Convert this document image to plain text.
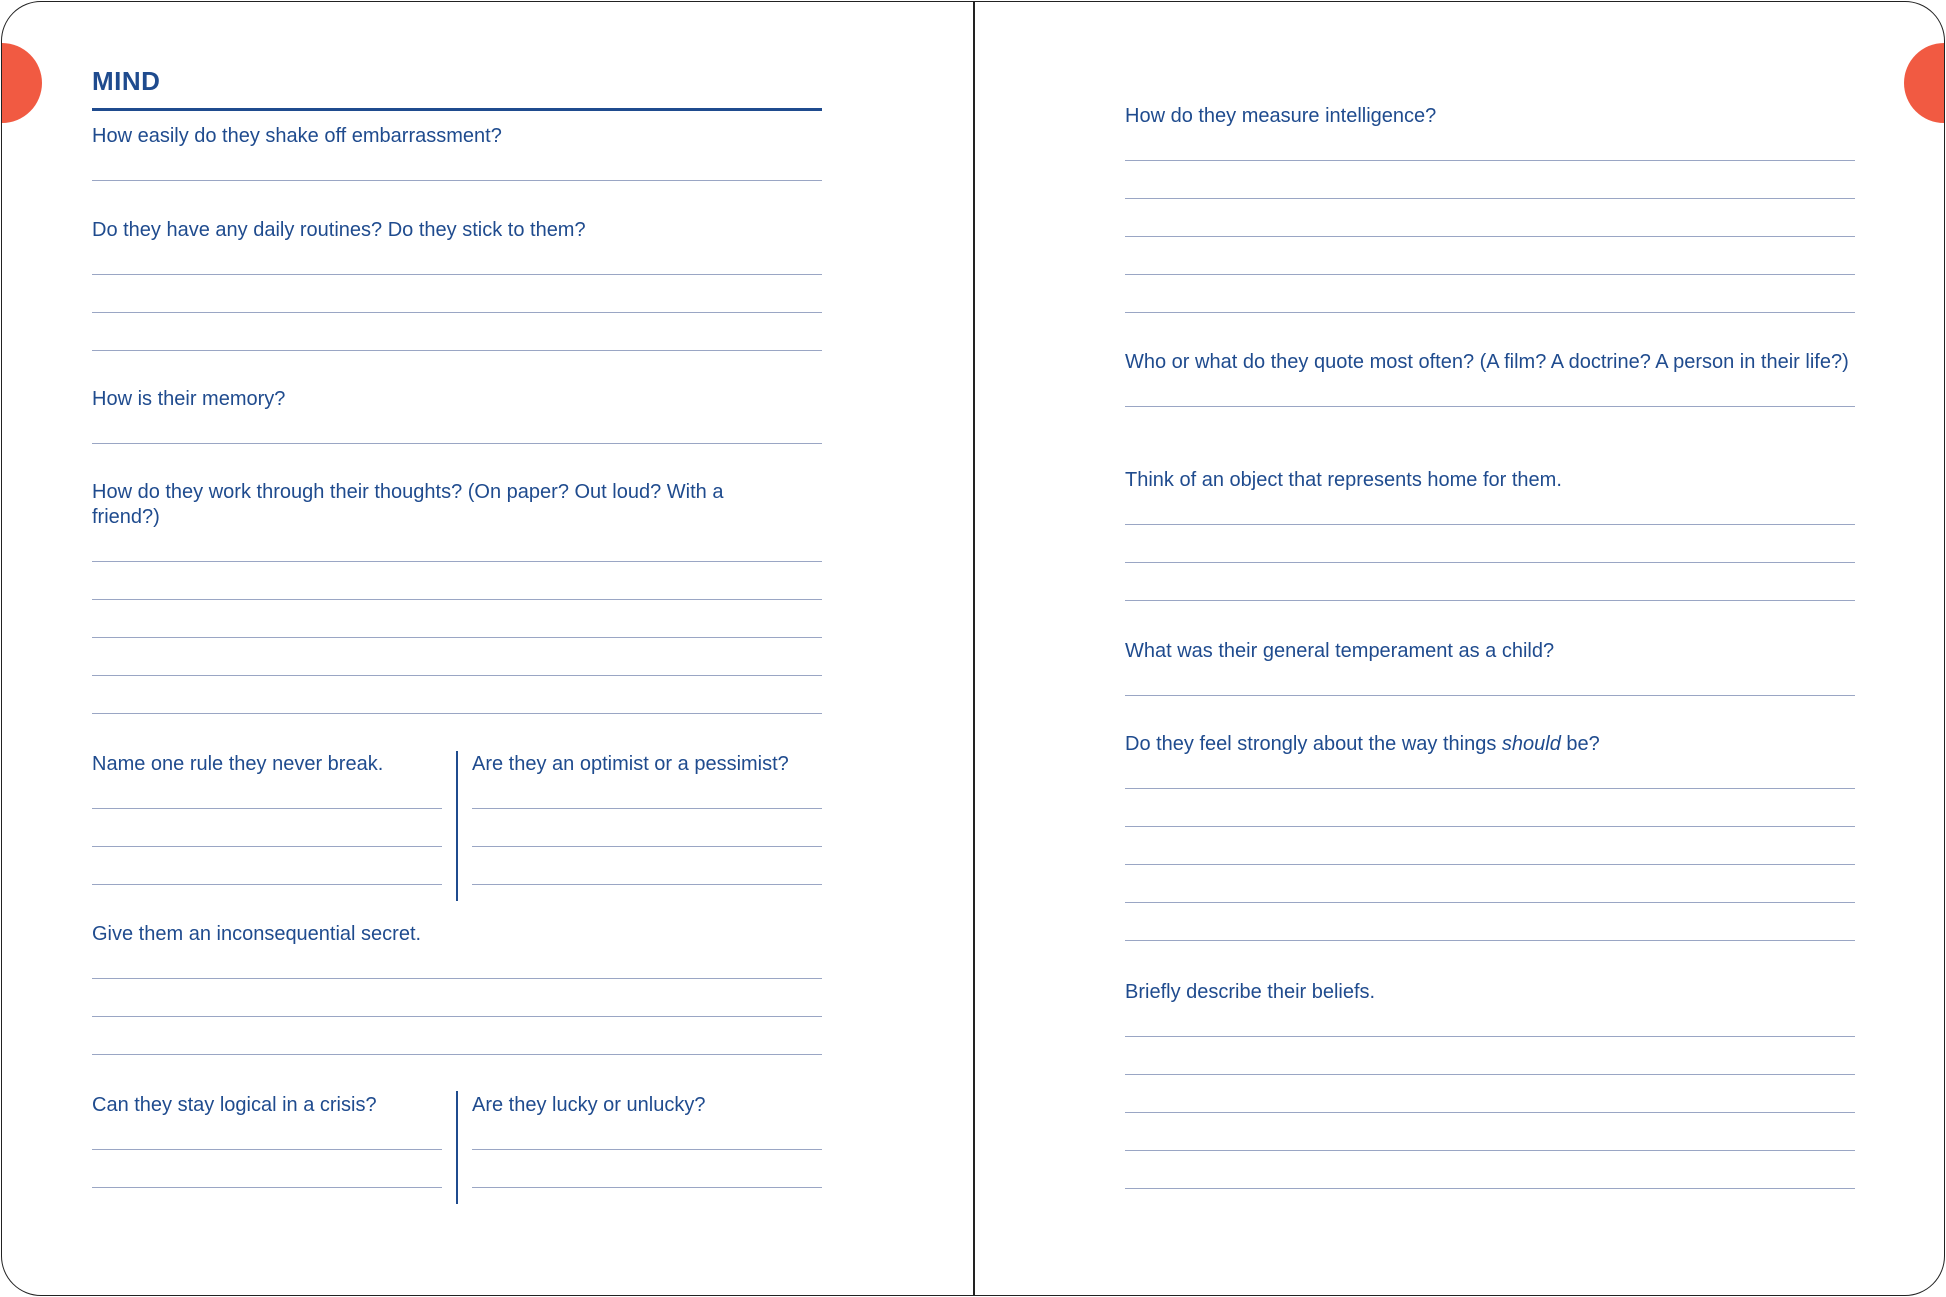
MIND
How easily do they shake off embarrassment?
Do they have any daily routines? Do they stick to them?
How is their memory?
How do they work through their thoughts? (On paper? Out loud? With a friend?)
Name one rule they never break.	Are they an optimist or a pessimist?
Give them an inconsequential secret.
Can they stay logical in a crisis?	Are they lucky or unlucky?
How do they measure intelligence?
Who or what do they quote most often? (A film? A doctrine? A person in their life?)
Think of an object that represents home for them.
What was their general temperament as a child?
Do they feel strongly about the way things should be?
Briefly describe their beliefs.
